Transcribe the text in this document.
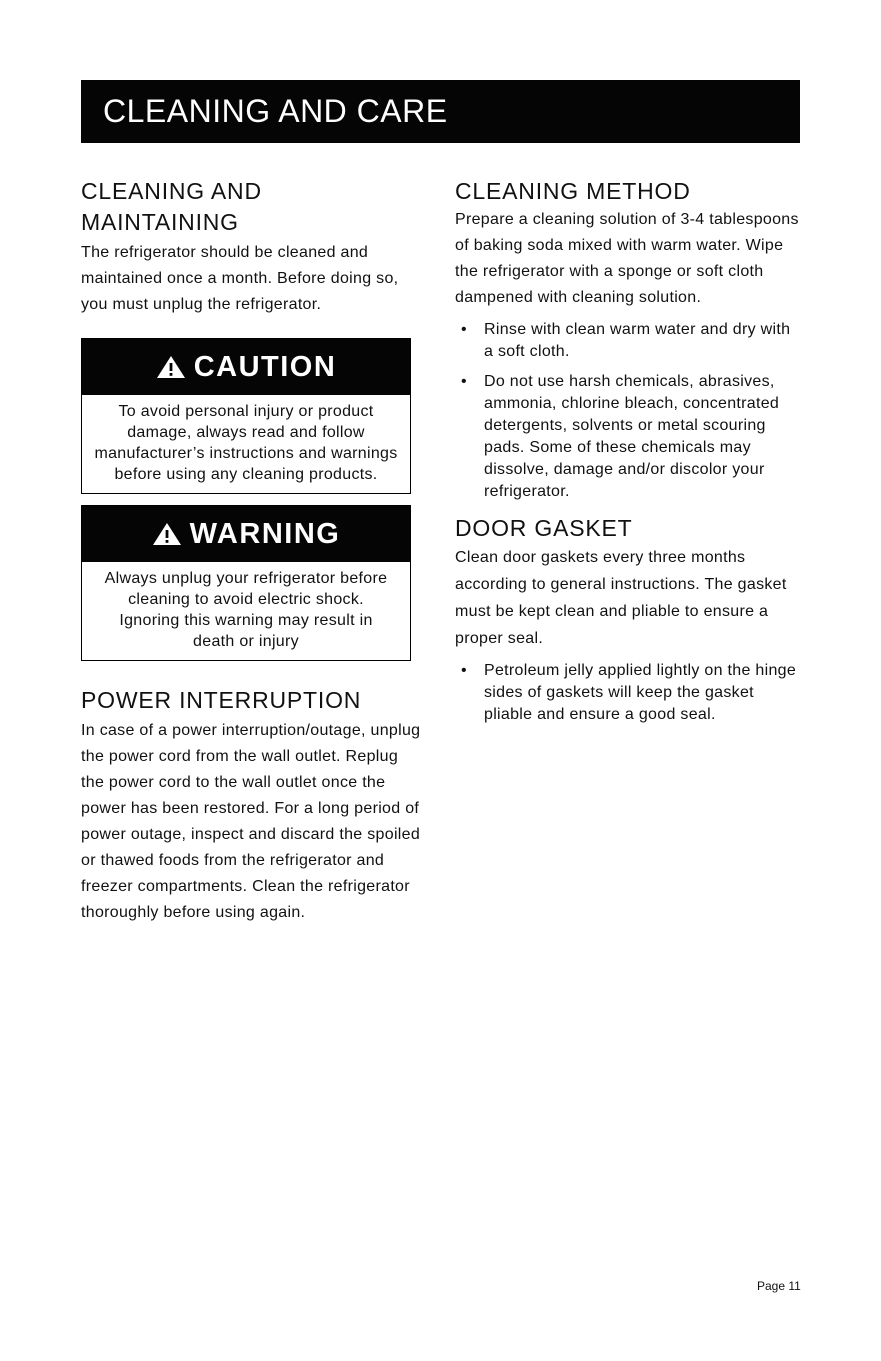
CLEANING AND CARE
CLEANING AND
MAINTAINING

The refrigerator should be cleaned and maintained once a month. Before doing so, you must unplug the refrigerator.

CAUTION
To avoid personal injury or product damage, always read and follow manufacturer’s instructions and warnings before using any cleaning products.
WARNING
Always unplug your refrigerator before cleaning to avoid electric shock. Ignoring this warning may result in death or injury
POWER INTERRUPTION

In case of a power interruption/outage, unplug the power cord from the wall outlet. Replug the power cord to the wall outlet once the power has been restored. For a long period of power outage, inspect and discard the spoiled or thawed foods from the refrigerator and freezer compartments. Clean the refrigerator thoroughly before using again.

CLEANING METHOD

Prepare a cleaning solution of 3-4 tablespoons of baking soda mixed with warm water. Wipe the refrigerator with a sponge or soft cloth dampened with cleaning solution.

• Rinse with clean warm water and dry with a soft cloth.
• Do not use harsh chemicals, abrasives, ammonia, chlorine bleach, concentrated detergents, solvents or metal scouring pads. Some of these chemicals may dissolve, damage and/or discolor your refrigerator.
DOOR GASKET

Clean door gaskets every three months according to general instructions. The gasket must be kept clean and pliable to ensure a proper seal.

• Petroleum jelly applied lightly on the hinge sides of gaskets will keep the gasket pliable and ensure a good seal.
Page 11
